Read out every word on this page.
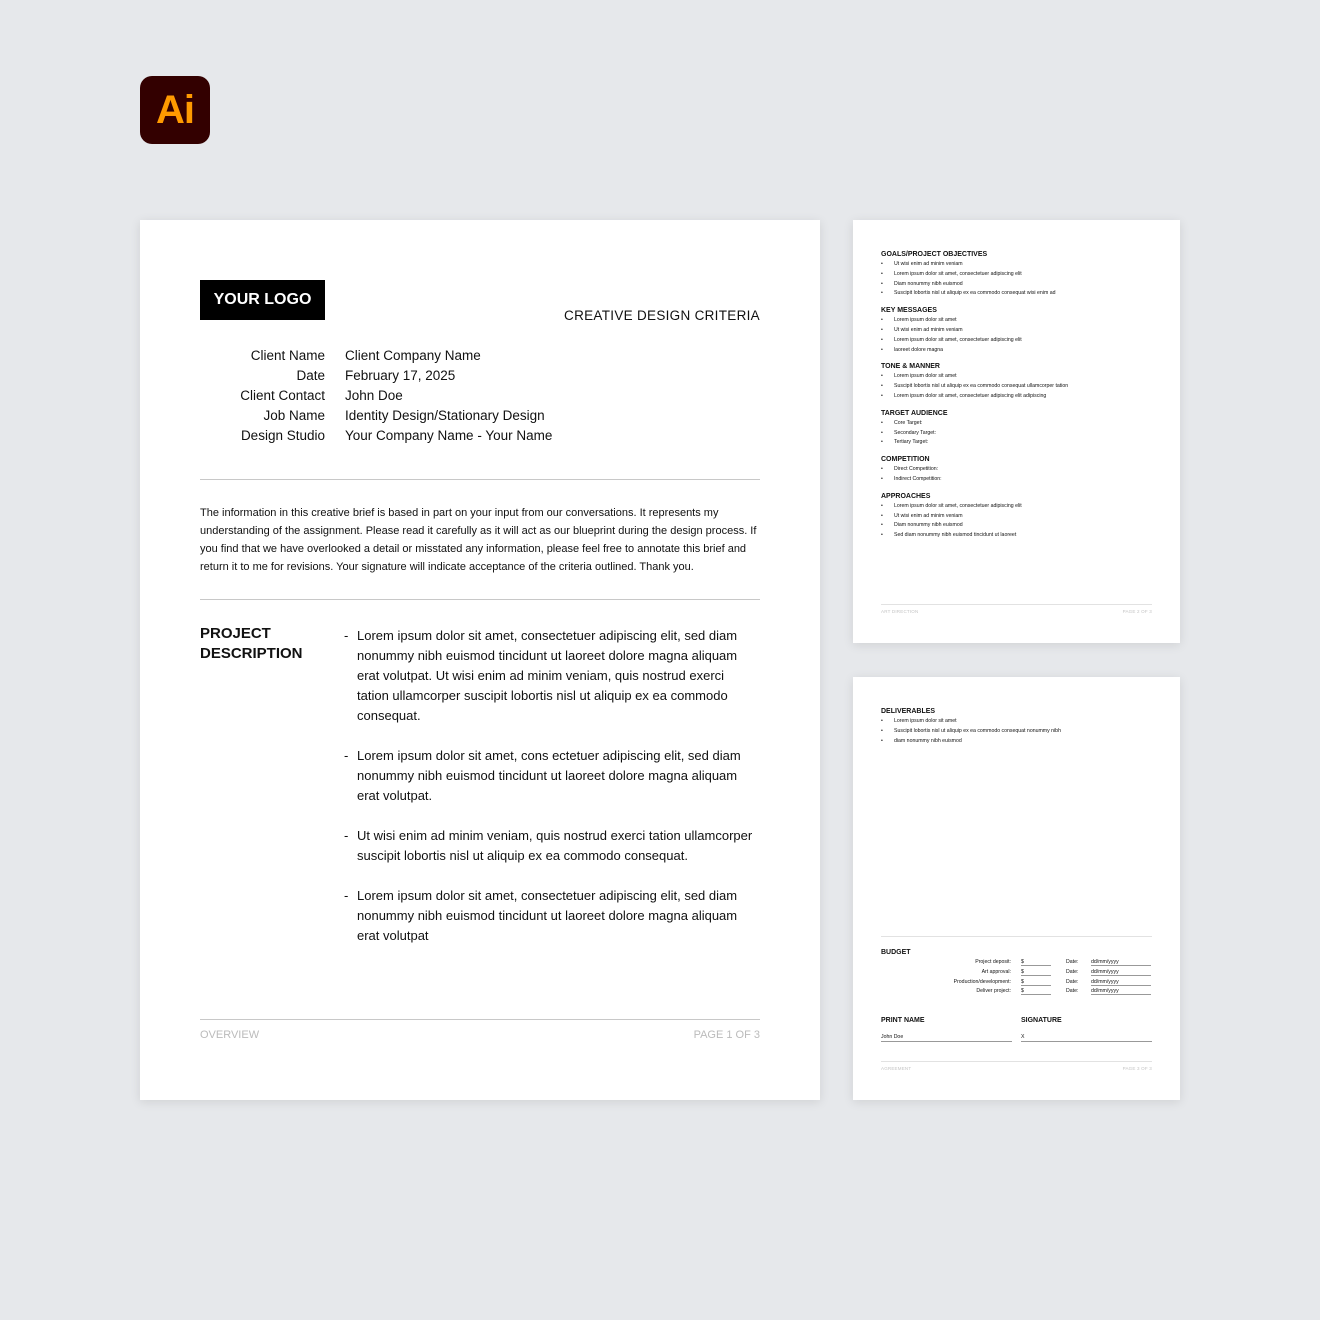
Ai
YOUR LOGO
CREATIVE DESIGN CRITERIA
Client Name Client Company Name
Date February 17, 2025
Client Contact John Doe
Job Name Identity Design/Stationary Design
Design Studio Your Company Name - Your Name

The information in this creative brief is based in part on your input from our conversations. It represents my understanding of the assignment. Please read it carefully as it will act as our blueprint during the design process. If you find that we have overlooked a detail or misstated any information, please feel free to annotate this brief and return it to me for revisions. Your signature will indicate acceptance of the criteria outlined. Thank you.

PROJECT DESCRIPTION
- Lorem ipsum dolor sit amet, consectetuer adipiscing elit, sed diam nonummy nibh euismod tincidunt ut laoreet dolore magna aliquam erat volutpat. Ut wisi enim ad minim veniam, quis nostrud exerci tation ullamcorper suscipit lobortis nisl ut aliquip ex ea commodo consequat.
- Lorem ipsum dolor sit amet, cons ectetuer adipiscing elit, sed diam nonummy nibh euismod tincidunt ut laoreet dolore magna aliquam erat volutpat.
- Ut wisi enim ad minim veniam, quis nostrud exerci tation ullamcorper suscipit lobortis nisl ut aliquip ex ea commodo consequat.
- Lorem ipsum dolor sit amet, consectetuer adipiscing elit, sed diam nonummy nibh euismod tincidunt ut laoreet dolore magna aliquam erat volutpat
OVERVIEW	PAGE 1 OF 3
GOALS/PROJECT OBJECTIVES
• Ut wisi enim ad minim veniam
• Lorem ipsum dolor sit amet, consectetuer adipiscing elit
• Diam nonummy nibh euismod
• Suscipit lobortis nisl ut aliquip ex ea commodo consequat wisi enim ad
KEY MESSAGES
• Lorem ipsum dolor sit amet
• Ut wisi enim ad minim veniam
• Lorem ipsum dolor sit amet, consectetuer adipiscing elit
• laoreet dolore magna
TONE & MANNER
• Lorem ipsum dolor sit amet
• Suscipit lobortis nisl ut aliquip ex ea commodo consequat ullamcorper tation
• Lorem ipsum dolor sit amet, consectetuer adipiscing elit adipiscing
TARGET AUDIENCE
• Core Target:
• Secondary Target:
• Tertiary Target:
COMPETITION
• Direct Competition:
• Indirect Competition:
APPROACHES
• Lorem ipsum dolor sit amet, consectetuer adipiscing elit
• Ut wisi enim ad minim veniam
• Diam nonummy nibh euismod
• Sed diam nonummy nibh euismod tincidunt ut laoreet
ART DIRECTION	PAGE 2 OF 3
DELIVERABLES
• Lorem ipsum dolor sit amet
• Suscipit lobortis nisl ut aliquip ex ea commodo consequat nonummy nibh
• diam nonummy nibh euismod
BUDGET
Project deposit: $	Date: dd/mm/yyyy
Art approval: $	Date: dd/mm/yyyy
Production/development: $	Date: dd/mm/yyyy
Deliver project: $	Date: dd/mm/yyyy
PRINT NAME
John Doe
SIGNATURE
X
AGREEMENT	PAGE 3 OF 3
